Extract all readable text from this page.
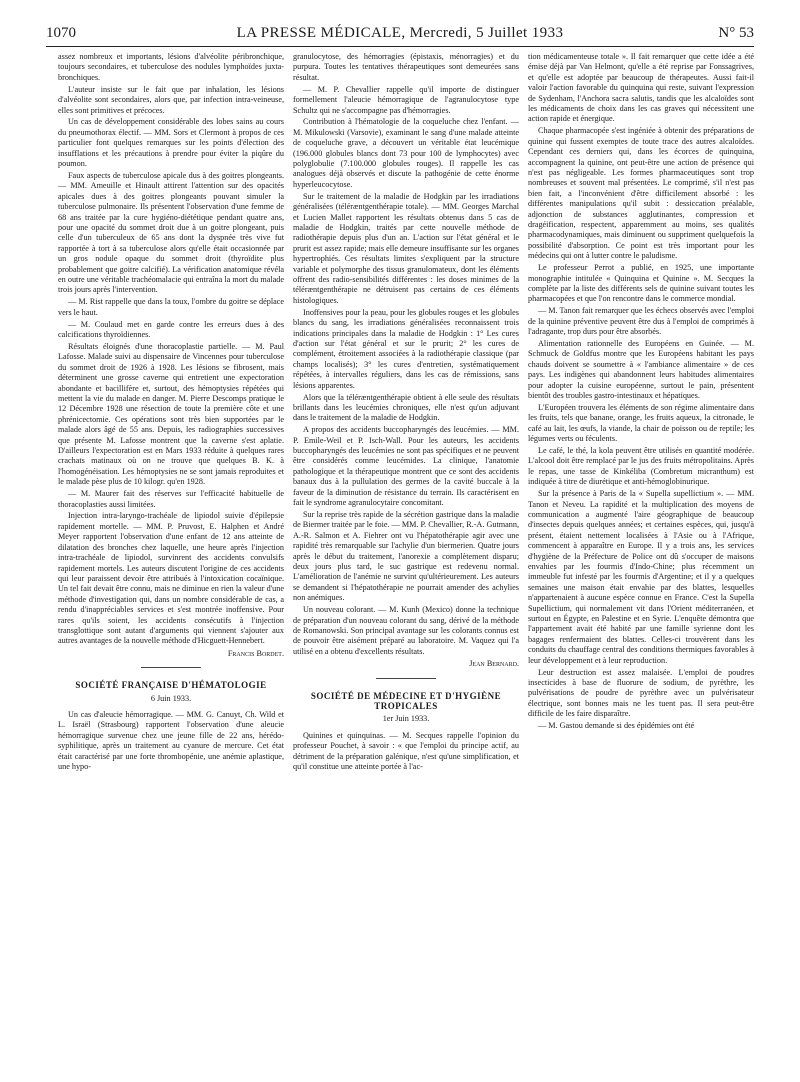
1070	LA PRESSE MÉDICALE, Mercredi, 5 Juillet 1933	N° 53

assez nombreux et importants, lésions d'alvéolite péribronchique, toujours secondaires, et tuberculose des nodules lymphoïdes juxta-bronchiques.

L'auteur insiste sur le fait que par inhalation, les lésions d'alvéolite sont secondaires, alors que, par infection intra-veineuse, elles sont primitives et précoces.

Un cas de développement considérable des lobes sains au cours du pneumothorax électif. — MM. Sors et Clermont à propos de ces particulier font quelques remarques sur les points d'élection des insufflations et les précautions à prendre pour éviter la piqûre du poumon.

Faux aspects de tuberculose apicale dus à des goitres plongeants. — MM. Ameuille et Hinault attirent l'attention sur des opacités apicales dues à des goitres plongeants pouvant simuler la tuberculose pulmonaire. Ils présentent l'observation d'une femme de 68 ans traitée par la cure hygiéno-diététique pendant quatre ans, pour une opacité du sommet droit due à un goitre plongeant, puis celle d'un tuberculeux de 65 ans dont la dyspnée très vive fut rapportée à tort à sa tuberculose alors qu'elle était occasionnée par un gros nodule opaque du sommet droit (thyroïdite plus probablement que goitre calcifié). La vérification anatomique révéla en outre une véritable trachéomalacie qui entraîna la mort du malade trois jours après l'intervention.

— M. Rist rappelle que dans la toux, l'ombre du goitre se déplace vers le haut.

— M. Coulaud met en garde contre les erreurs dues à des calcifications thyroïdiennes.

Résultats éloignés d'une thoracoplastie partielle. — M. Paul Lafosse. Malade suivi au dispensaire de Vincennes pour tuberculose du sommet droit de 1926 à 1928. Les lésions se fibrosent, mais déterminent une grosse caverne qui entretient une expectoration abondante et bacillifère et, surtout, des hémoptysies répétées qui mettent la vie du malade en danger. M. Pierre Descomps pratique le 12 Décembre 1928 une résection de toute la première côte et une phrénicectomie. Ces opérations sont très bien supportées par le malade alors âgé de 55 ans. Depuis, les radiographies successives que présente M. Lafosse montrent que la caverne s'est aplatie. D'ailleurs l'expectoration est en Mars 1933 réduite à quelques rares crachats matinaux où on ne trouve que quelques B. K. à l'homogénéisation. Les hémoptysies ne se sont jamais reproduites et le malade pèse plus de 10 kilogr. qu'en 1928.

— M. Maurer fait des réserves sur l'efficacité habituelle de thoracoplasties aussi limitées.

Injection intra-laryngo-trachéale de lipiodol suivie d'épilepsie rapidement mortelle. — MM. P. Pruvost, E. Halphen et André Meyer rapportent l'observation d'une enfant de 12 ans atteinte de dilatation des bronches chez laquelle, une heure après l'injection intra-trachéale de lipiodol, survinrent des accidents convulsifs rapidement mortels. Les auteurs discutent l'origine de ces accidents qui leur paraissent devoir être attribués à l'intoxication cocaïnique. Un tel fait devait être connu, mais ne diminue en rien la valeur d'une méthode d'investigation qui, dans un nombre considérable de cas, a rendu d'inappréciables services et s'est montrée inoffensive. Pour rares qu'ils soient, les accidents consécutifs à l'injection transglottique sont autant d'arguments qui viennent s'ajouter aux autres avantages de la nouvelle méthode d'Hicguett-Hennebert.

Francis Bordet.
SOCIÉTÉ FRANÇAISE D'HÉMATOLOGIE
6 Juin 1933.

Un cas d'aleucie hémorragique. — MM. G. Canuyt, Ch. Wild et L. Israël (Strasbourg) rapportent l'observation d'une aleucie hémorragique survenue chez une jeune fille de 22 ans, hérédo-syphilitique, après un traitement au cyanure de mercure. Cet état était caractérisé par une forte thrombopénie, une anémie aplastique, une hypo-

granulocytose, des hémorragies (épistaxis, ménorragies) et du purpura. Toutes les tentatives thérapeutiques sont demeurées sans résultat.

— M. P. Chevallier rappelle qu'il importe de distinguer formellement l'aleucie hémorragique de l'agranulocytose type Schultz qui ne s'accompagne pas d'hémorragies.

Contribution à l'hématologie de la coqueluche chez l'enfant. — M. Mikulowski (Varsovie), examinant le sang d'une malade atteinte de coqueluche grave, a découvert un véritable état leucémique (196.000 globules blancs dont 73 pour 100 de lymphocytes) avec polyglobulie (7.100.000 globules rouges). Il rappelle les cas analogues déjà observés et discute la pathogénie de cette énorme hyperleucocytose.

Sur le traitement de la maladie de Hodgkin par les irradiations généralisées (téléræntgenthérapie totale). — MM. Georges Marchal et Lucien Mallet rapportent les résultats obtenus dans 5 cas de maladie de Hodgkin, traités par cette nouvelle méthode de radiothérapie depuis plus d'un an. L'action sur l'état général et le prurit est assez rapide; mais elle demeure insuffisante sur les organes hypertrophiés. Ces résultats limites s'expliquent par la structure variable et polymorphe des tissus granulomateux, dont les éléments offrent des radio-sensibilités différentes : les doses minimes de la téléræntgenthérapie ne détruisent pas certains de ces éléments histologiques.

Inoffensives pour la peau, pour les globules rouges et les globules blancs du sang, les irradiations généralisées reconnaissent trois indications principales dans la maladie de Hodgkin : 1° Les cures d'action sur l'état général et sur le prurit; 2° les cures de complément, étroitement associées à la radiothérapie classique (par champs localisés); 3° les cures d'entretien, systématiquement répétées, à intervalles réguliers, dans les cas de rémissions, sans lésions apparentes.

Alors que la téléræntgenthérapie obtient à elle seule des résultats brillants dans les leucémies chroniques, elle n'est qu'un adjuvant dans le traitement de la maladie de Hodgkin.

A propos des accidents buccopharyngés des leucémies. — MM. P. Emile-Weil et P. Isch-Wall. Pour les auteurs, les accidents buccopharyngés des leucémies ne sont pas spécifiques et ne peuvent être considérés comme leucémides. La clinique, l'anatomie pathologique et la thérapeutique montrent que ce sont des accidents banaux dus à la pullulation des germes de la cavité buccale à la faveur de la diminution de résistance du terrain. Ils caractérisent en fait le syndrome agranulocytaire concomitant.

Sur la reprise très rapide de la sécrétion gastrique dans la maladie de Biermer traitée par le foie. — MM. P. Chevallier, R.-A. Gutmann, A.-R. Salmon et A. Fiehrer ont vu l'hépatothérapie agir avec une rapidité très remarquable sur l'achylie d'un biermerien. Quatre jours après le début du traitement, l'anorexie a complètement disparu; deux jours plus tard, le suc gastrique est redevenu normal. L'amélioration de l'anémie ne survint qu'ultérieurement. Les auteurs se demandent si l'hépatothérapie ne pourrait amender des achylies non anémiques.

Un nouveau colorant. — M. Kunh (Mexico) donne la technique de préparation d'un nouveau colorant du sang, dérivé de la méthode de Romanowski. Son principal avantage sur les colorants connus est de pouvoir être aisément préparé au laboratoire. M. Vaquez qui l'a utilisé en a obtenu d'excellents résultats.

Jean Bernard.
SOCIÉTÉ DE MÉDECINE ET D'HYGIÈNE TROPICALES
1er Juin 1933.

Quinines et quinquinas. — M. Secques rappelle l'opinion du professeur Pouchet, à savoir : « que l'emploi du principe actif, au détriment de la préparation galénique, n'est qu'une simplification, et qu'il constitue une atteinte portée à l'ac-

tion médicamenteuse totale ». Il fait remarquer que cette idée a été émise déjà par Van Helmont, qu'elle a été reprise par Fonssagrives, et qu'elle est adoptée par beaucoup de thérapeutes. Aussi fait-il valoir l'action favorable du quinquina qui reste, suivant l'expression de Sydenham, l'Anchora sacra salutis, tandis que les alcaloïdes sont les médicaments de choix dans les cas graves qui nécessitent une action rapide et énergique.

Chaque pharmacopée s'est ingéniée à obtenir des préparations de quinine qui fussent exemptes de toute trace des autres alcaloïdes. Cependant ces derniers qui, dans les écorces de quinquina, accompagnent la quinine, ont peut-être une action de présence qui n'est pas négligeable. Les formes pharmaceutiques sont trop nombreuses et souvent mal présentées. Le comprimé, s'il n'est pas bien fait, a l'inconvénient d'être difficilement absorbé : les différentes manipulations qu'il subit : dessiccation préalable, adjonction de substances agglutinantes, compression et dragéification, respectent, apparemment au moins, ses qualités pharmacodynamiques, mais diminuent ou suppriment quelquefois la possibilité d'absorption. Ce point est très important pour les médecins qui ont à lutter contre le paludisme.

Le professeur Perrot a publié, en 1925, une importante monographie intitulée « Quinquina et Quinine ». M. Secques la complète par la liste des différents sels de quinine suivant toutes les pharmacopées et que l'on rencontre dans le commerce mondial.

— M. Tanon fait remarquer que les échecs observés avec l'emploi de la quinine préventive peuvent être dus à l'emploi de comprimés à l'adragante, trop durs pour être absorbés.

Alimentation rationnelle des Européens en Guinée. — M. Schmuck de Goldfus montre que les Européens habitant les pays chauds doivent se soumettre à « l'ambiance alimentaire » de ces pays. Les indigènes qui abandonnent leurs habitudes alimentaires pour adopter la cuisine européenne, surtout le pain, présentent bientôt des troubles gastro-intestinaux et hépatiques.

L'Européen trouvera les éléments de son régime alimentaire dans les fruits, tels que banane, orange, les fruits aqueux, la citronade, le café au lait, les œufs, la viande, la chair de poisson ou de reptile; les légumes verts ou féculents.

Le café, le thé, la kola peuvent être utilisés en quantité modérée. L'alcool doit être remplacé par le jus des fruits métropolitains. Après le repas, une tasse de Kinkéliba (Combretum micranthum) est indiquée à titre de diurétique et anti-hémoglobinurique.

Sur la présence à Paris de la « Supella supellictium ». — MM. Tanon et Neveu. La rapidité et la multiplication des moyens de communication a augmenté l'aire géographique de beaucoup d'insectes depuis quelques années; et certaines espèces, qui, jusqu'à présent, étaient nettement localisées à l'Asie ou à l'Afrique, commencent à apparaître en Europe. Il y a trois ans, les services d'hygiène de la Préfecture de Police ont dû s'occuper de maisons envahies par les fourmis d'Indo-Chine; plus récemment un immeuble fut infesté par les fourmis d'Argentine; et il y a quelques semaines une maison était envahie par des blattes, lesquelles n'appartenaient à aucune espèce connue en France. C'est la Supella Supellictium, qui normalement vit dans l'Orient méditerranéen, et surtout en Égypte, en Palestine et en Syrie. L'enquête démontra que l'appartement avait été habité par une famille syrienne dont les bagages renfermaient des blattes. Celles-ci trouvèrent dans les conduits du chauffage central des conditions thermiques favorables à leur développement et à leur reproduction.

Leur destruction est assez malaisée. L'emploi de poudres insecticides à base de fluorure de sodium, de pyrèthre, les pulvérisations de poudre de pyrèthre avec un pulvérisateur électrique, sont bonnes mais ne les tuent pas. Il sera peut-être difficile de les faire disparaître.

— M. Gastou demande si des épidémies ont été
